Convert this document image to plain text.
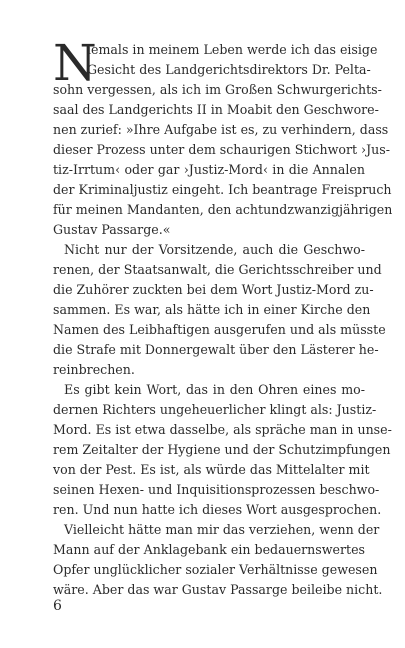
N
iemals in meinem Leben werde ich das eisige
Gesicht des Landgerichtsdirektors Dr. Pelta-
sohn vergessen, als ich im Großen Schwurgerichts-
saal des Landgerichts II in Moabit den Geschwore-
nen zurief: »Ihre Aufgabe ist es, zu verhindern, dass
dieser Prozess unter dem schaurigen Stichwort ›Jus-
tiz-Irrtum‹ oder gar ›Justiz-Mord‹ in die Annalen
der Kriminaljustiz eingeht. Ich beantrage Freispruch
für meinen Mandanten, den achtundzwanzigjährigen
Gustav Passarge.«
Nicht nur der Vorsitzende, auch die Geschwo-
renen, der Staatsanwalt, die Gerichtsschreiber und
die Zuhörer zuckten bei dem Wort Justiz-Mord zu-
sammen. Es war, als hätte ich in einer Kirche den
Namen des Leibhaftigen ausgerufen und als müsste
die Strafe mit Donnergewalt über den Lästerer he-
reinbrechen.
Es gibt kein Wort, das in den Ohren eines mo-
dernen Richters ungeheuerlicher klingt als: Justiz-
Mord. Es ist etwa dasselbe, als spräche man in unse-
rem Zeitalter der Hygiene und der Schutzimpfungen
von der Pest. Es ist, als würde das Mittelalter mit
seinen Hexen- und Inquisitionsprozessen beschwo-
ren. Und nun hatte ich dieses Wort ausgesprochen.
Vielleicht hätte man mir das verziehen, wenn der
Mann auf der Anklagebank ein bedauernswertes
Opfer unglücklicher sozialer Verhältnisse gewesen
wäre. Aber das war Gustav Passarge beileibe nicht.
6
